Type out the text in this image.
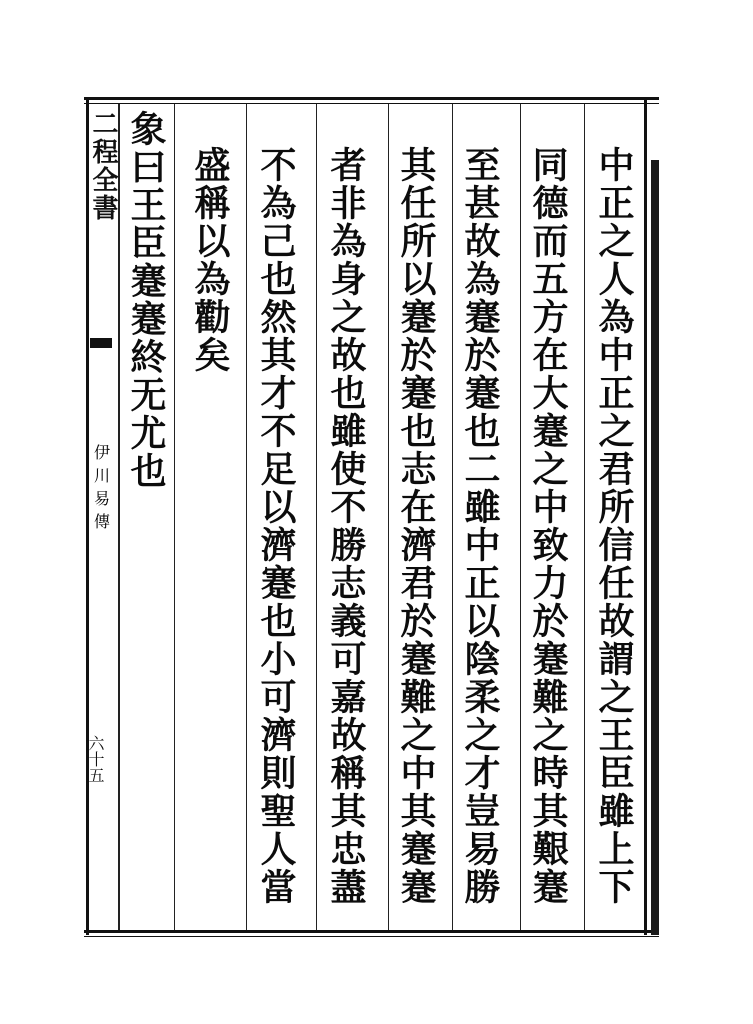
二程全書
伊川易傳
六十五	中正之人為中正之君所信任故謂之王臣雖上下
同德而五方在大蹇之中致力於蹇難之時其艱蹇
至甚故為蹇於蹇也二雖中正以陰柔之才豈易勝
其任所以蹇於蹇也志在濟君於蹇難之中其蹇蹇
者非為身之故也雖使不勝志義可嘉故稱其忠藎
不為己也然其才不足以濟蹇也小可濟則聖人當
盛稱以為勸矣
象曰王臣蹇蹇終无尤也
